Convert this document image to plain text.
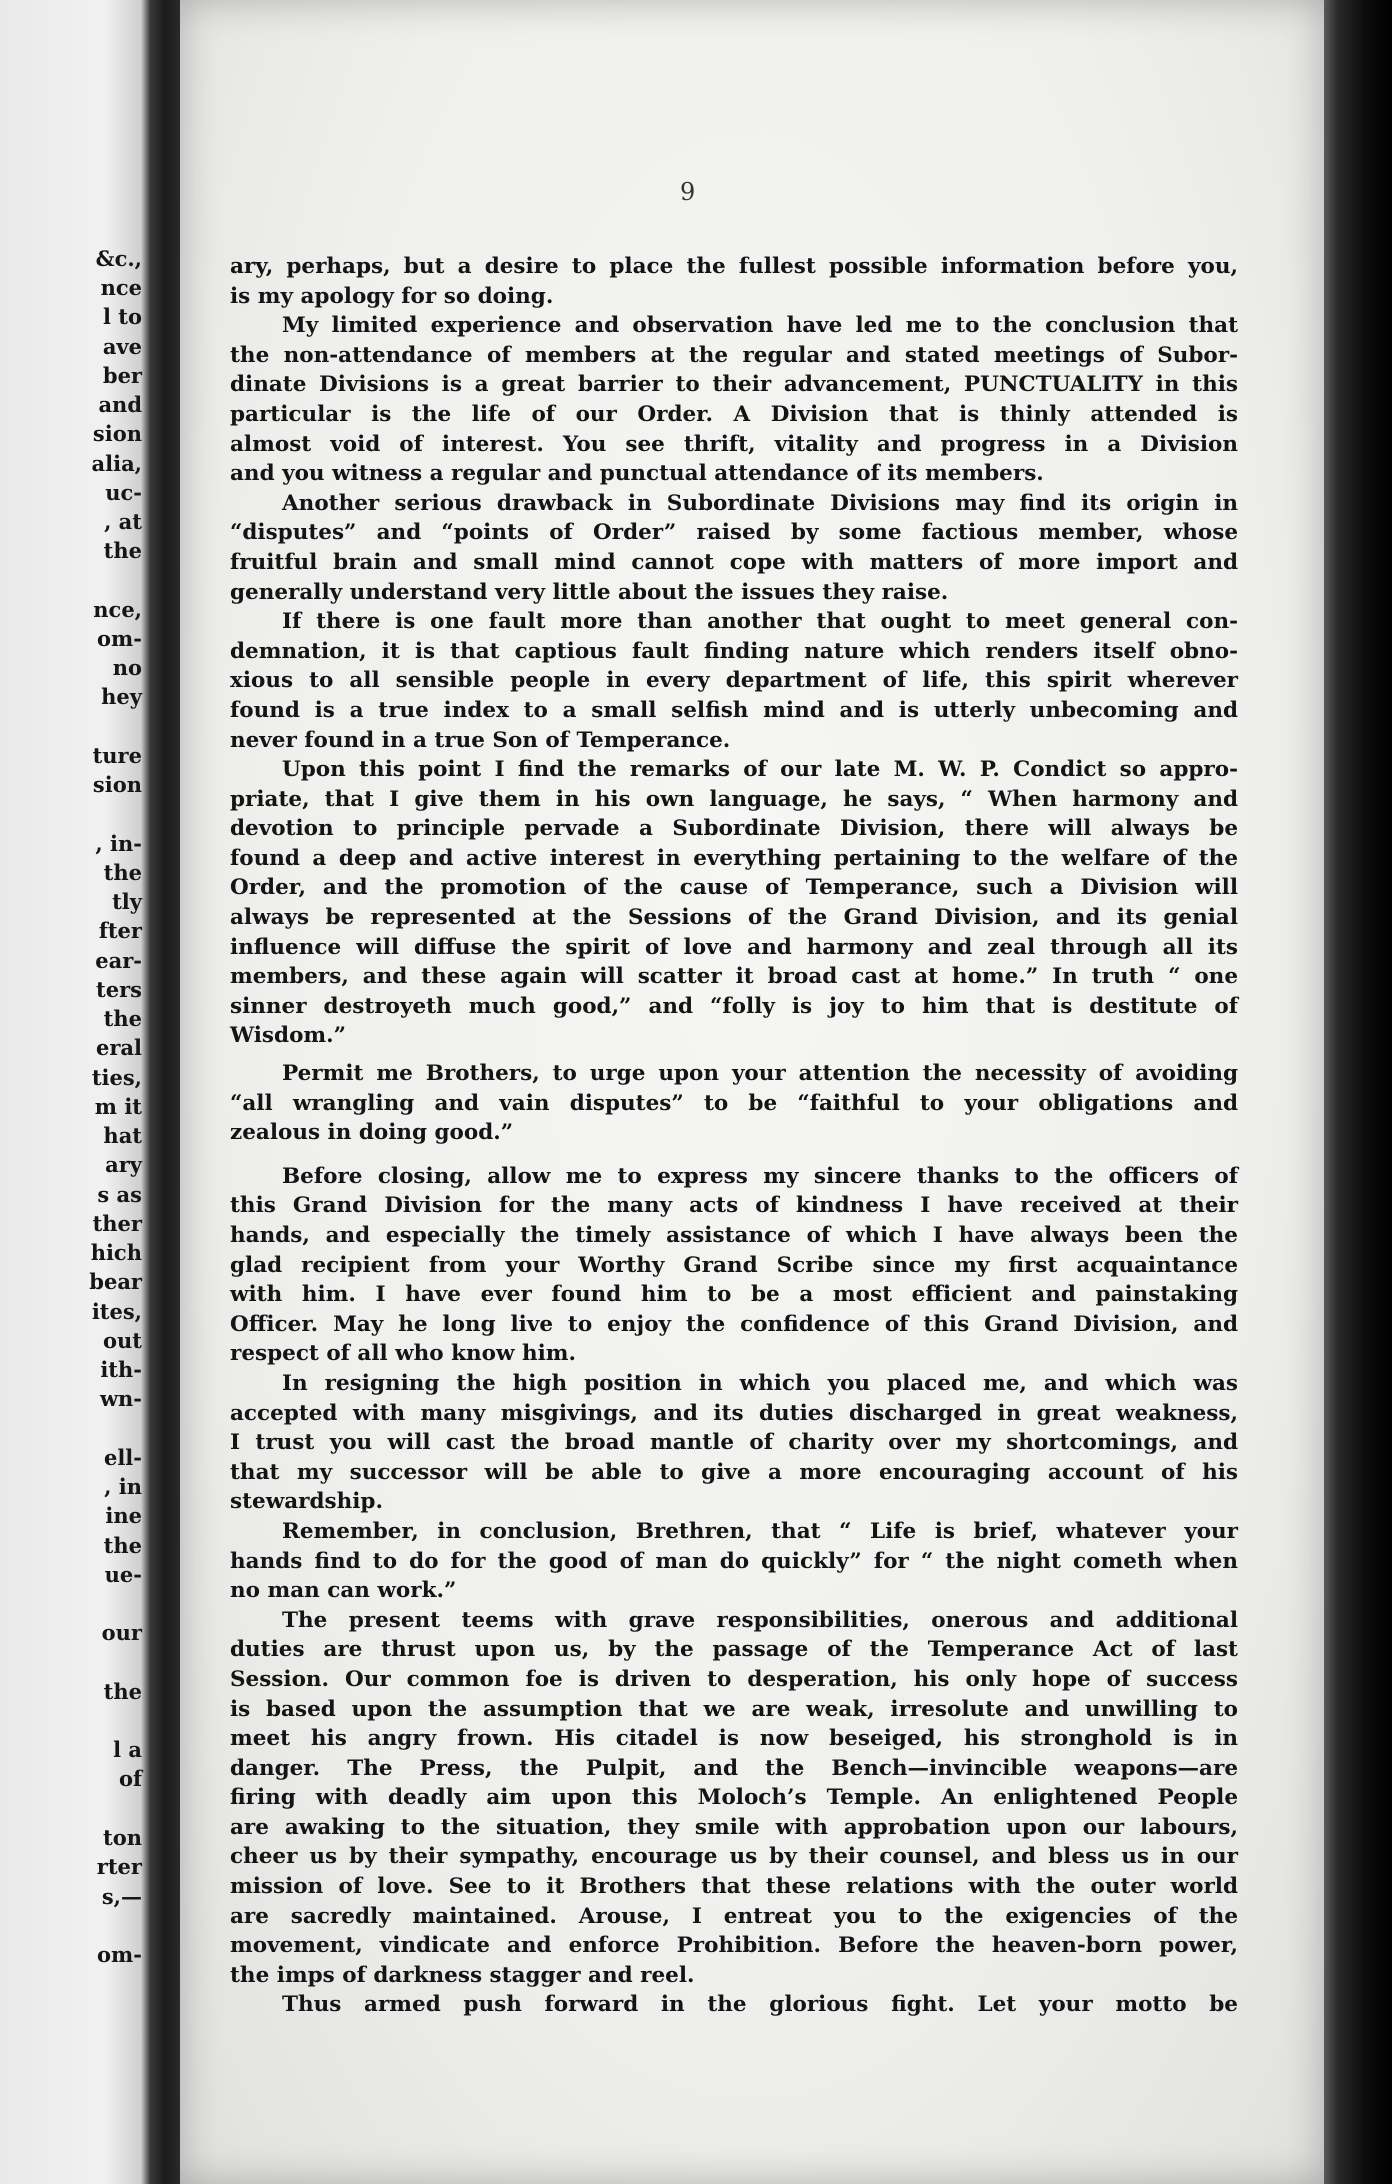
&c.,
nce
l to
ave
ber
and
sion
alia,
uc-
, at
the
nce,
om-
no
hey
ture
sion
, in-
the
tly
fter
ear-
ters
the
eral
ties,
m it
hat
ary
s as
ther
hich
bear
ites,
out
ith-
wn-
ell-
, in
ine
the
ue-
our
the
l a
of
ton
rter
s,—
om-
9
ary, perhaps, but a desire to place the fullest possible information before you,
is my apology for so doing.
My limited experience and observation have led me to the conclusion that
the non-attendance of members at the regular and stated meetings of Subor-
dinate Divisions is a great barrier to their advancement, PUNCTUALITY in this
particular is the life of our Order. A Division that is thinly attended is
almost void of interest. You see thrift, vitality and progress in a Division
and you witness a regular and punctual attendance of its members.
Another serious drawback in Subordinate Divisions may find its origin in
“disputes” and “points of Order” raised by some factious member, whose
fruitful brain and small mind cannot cope with matters of more import and
generally understand very little about the issues they raise.
If there is one fault more than another that ought to meet general con-
demnation, it is that captious fault finding nature which renders itself obno-
xious to all sensible people in every department of life, this spirit wherever
found is a true index to a small selfish mind and is utterly unbecoming and
never found in a true Son of Temperance.
Upon this point I find the remarks of our late M. W. P. Condict so appro-
priate, that I give them in his own language, he says, “ When harmony and
devotion to principle pervade a Subordinate Division, there will always be
found a deep and active interest in everything pertaining to the welfare of the
Order, and the promotion of the cause of Temperance, such a Division will
always be represented at the Sessions of the Grand Division, and its genial
influence will diffuse the spirit of love and harmony and zeal through all its
members, and these again will scatter it broad cast at home.” In truth “ one
sinner destroyeth much good,” and “folly is joy to him that is destitute of
Wisdom.”
Permit me Brothers, to urge upon your attention the necessity of avoiding
“all wrangling and vain disputes” to be “faithful to your obligations and
zealous in doing good.”
Before closing, allow me to express my sincere thanks to the officers of
this Grand Division for the many acts of kindness I have received at their
hands, and especially the timely assistance of which I have always been the
glad recipient from your Worthy Grand Scribe since my first acquaintance
with him. I have ever found him to be a most efficient and painstaking
Officer. May he long live to enjoy the confidence of this Grand Division, and
respect of all who know him.
In resigning the high position in which you placed me, and which was
accepted with many misgivings, and its duties discharged in great weakness,
I trust you will cast the broad mantle of charity over my shortcomings, and
that my successor will be able to give a more encouraging account of his
stewardship.
Remember, in conclusion, Brethren, that “ Life is brief, whatever your
hands find to do for the good of man do quickly” for “ the night cometh when
no man can work.”
The present teems with grave responsibilities, onerous and additional
duties are thrust upon us, by the passage of the Temperance Act of last
Session. Our common foe is driven to desperation, his only hope of success
is based upon the assumption that we are weak, irresolute and unwilling to
meet his angry frown. His citadel is now beseiged, his stronghold is in
danger. The Press, the Pulpit, and the Bench—invincible weapons—are
firing with deadly aim upon this Moloch’s Temple. An enlightened People
are awaking to the situation, they smile with approbation upon our labours,
cheer us by their sympathy, encourage us by their counsel, and bless us in our
mission of love. See to it Brothers that these relations with the outer world
are sacredly maintained. Arouse, I entreat you to the exigencies of the
movement, vindicate and enforce Prohibition. Before the heaven-born power,
the imps of darkness stagger and reel.
Thus armed push forward in the glorious fight. Let your motto be
